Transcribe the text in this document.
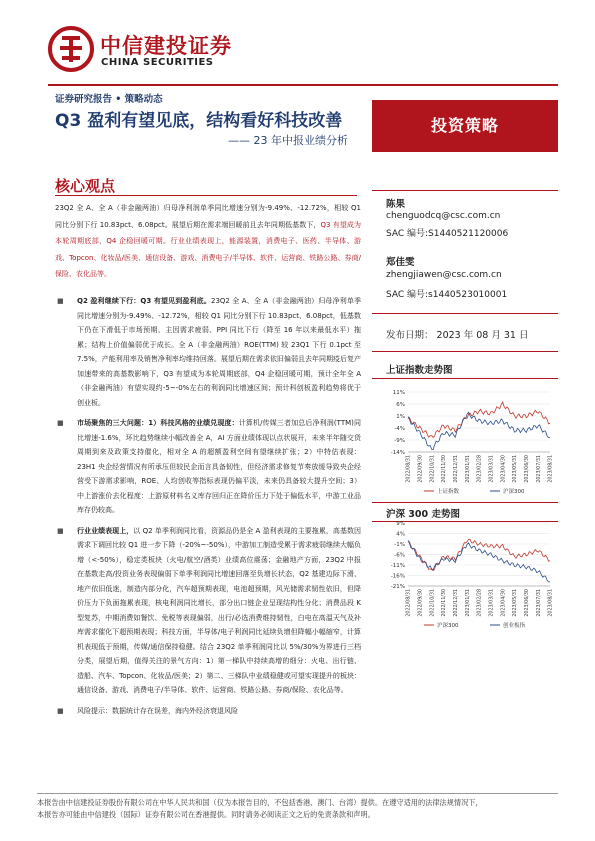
中信建投证券
CHINA SECURITIES
证券研究报告 • 策略动态
Q3 盈利有望见底，结构看好科技改善
—— 23 年中报业绩分析
投资策略
核心观点
23Q2 全 A、全 A（非金融两油）归母净利润单季同比增速分别为-9.49%、-12.72%，相较 Q1 同比分别下行 10.83pct、6.08pct。展望后期在需求端回暖前且去年同期低基数下，Q3 有望成为本轮周期底部，Q4 企稳回暖可期。行业业绩表现上，能源装置，消费电子、医药、半导体、游戏、Topcon、化妆品/医美、通信设备、游戏、消费电子/半导体、软件、运营商、铁路公路、券商/保险、农化品等。
■ Q2 盈利继续下行：Q3 有望见到盈利底。23Q2 全 A、全 A（非金融两油）归母净利单季同比增速分别为-9.49%、-12.72%，相较 Q1 同比分别下行 10.83pct、6.08pct，低基数下仍在下滑低于市场预期，主因需求疲弱、PPI 同比下行（降至 16 年以来最低水平）拖累；结构上价值偏弱优于成长。全 A（非金融两油）ROE(TTM) 较 23Q1 下行 0.1pct 至 7.5%，产能利用率及销售净利率均维持回落。展望后期在需求依旧偏弱且去年同期疫后复产加速带来的高基数影响下，Q3 有望成为本轮周期底部，Q4 企稳回暖可期，预计全年全 A（非金融两油）有望实现约-5~-0%左右的利润同比增速区间；预计科创板盈利趋势将优于创业板。
■ 市场聚焦的三大问题：1）科技风格的业绩兑现度：计算机/传媒三者加总后净利润(TTM)同比增速-1.6%，环比趋势继续小幅改善全 A，AI 方面业绩体现以点状展开，未来半年随交货周期到来及政策支持催化，相对全 A 的超额盈利空间有望继续扩张；2）中特估表现：23H1 央企经营情况有所承压但较民企而言具备韧性，但经济需求修复节奏放缓导致央企经营受下游需求影响，ROE、人均创收等指标表现仍偏平淡，未来仍具备较大提升空间；3）中上游涨价去化程度：上游原材料名义库存回归正在降价压力下处于偏低水平，中游工业品库存仍较高。
■ 行业业绩表现上，以 Q2 单季利润同比看，资源品仍是全 A 盈利表现的主要拖累，高基数因需求下调回比较 Q1 进一步下降（-20%~-50%），中游加工制造受累于需求疲弱继续大幅负增（<-50%），稳定类板块（火电/航空/酒类）业绩高位震荡；金融地产方面，23Q2 中报在基数走高/投资业务表现偏弱下单季利润同比增速回落至负增长状态，Q2 基建边际下滑，地产依旧低迷，制造内部分化，汽车超预期表现，电池超预期，风光储需求韧性依旧，但降价压力下负面拖累表现，核电利润同比增长，部分出口链企业呈现结构性分化；消费品段 K 型复苏，中期消费如餐饮、免税等表现偏弱，出行/必选消费维持韧性，白电在高温天气及补库需求催化下超预期表现；科技方面，半导体/电子利润同比延续负增但降幅小幅缩窄，计算机表现低于预期，传媒/通信保持稳健。结合 23Q2 单季利润同比以 5%/30%为界进行三档分类，展望后期，值得关注的景气方向：1）第一梯队中持续高增的细分：火电、出行链、造船、汽车、Topcon、化妆品/医美；2）第二、三梯队中业绩稳健或可望实现提升的板块：通信设备、游戏、消费电子/半导体、软件、运营商、铁路公路、券商/保险、农化品等。
■ 风险提示：数据统计存在误差，海内外经济衰退风险
陈果
chenguodcq@csc.com.cn
SAC 编号:S1440521120006
郑佳雯
zhengjiawen@csc.com.cn
SAC 编号:s1440523010001
发布日期： 2023 年 08 月 31 日
上证指数走势图
11%
6%
1%
-4%
-9%
-14%
2022/08/31 2022/09/30 2022/10/31 2022/11/30 2022/12/31 2023/01/31 2023/02/28 2023/03/31 2023/04/30 2023/05/31 2023/06/30 2023/07/31 2023/08/31
上证指数	沪深300
沪深 300 走势图
9%
4%
-1%
-6%
-11%
-16%
-21%
2022/08/31 2022/09/30 2022/10/31 2022/11/30 2022/12/31 2023/01/31 2023/02/28 2023/03/31 2023/04/30 2023/05/31 2023/06/30 2023/07/31 2023/08/31
沪深300	创业板指
本报告由中信建投证券股份有限公司在中华人民共和国（仅为本报告目的，不包括香港、澳门、台湾）提供。在遵守适用的法律法规情况下，
本报告亦可能由中信建投（国际）证券有限公司在香港提供。同时请务必阅读正文之后的免责条款和声明。
